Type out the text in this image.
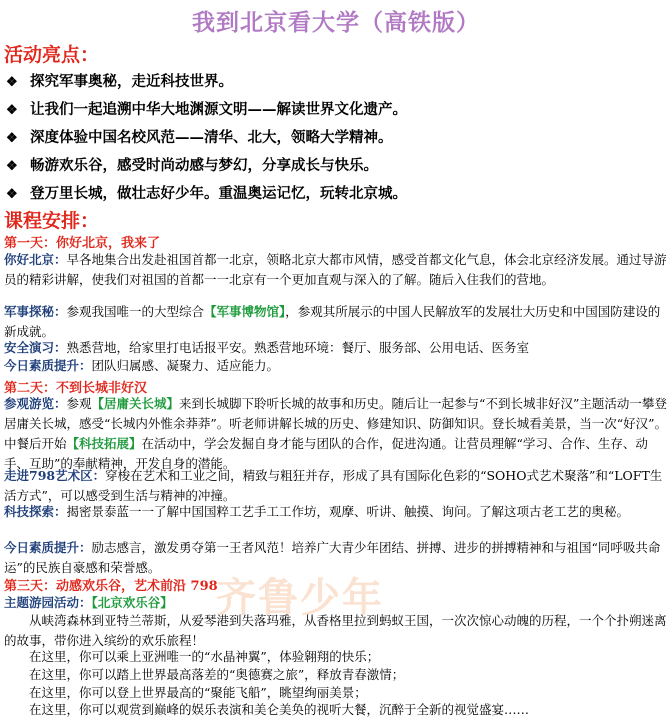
我到北京看大学（高铁版）
活动亮点：
❖ 探究军事奥秘，走近科技世界。
❖ 让我们一起追溯中华大地渊源文明——解读世界文化遗产。
❖ 深度体验中国名校风范——清华、北大，领略大学精神。
❖ 畅游欢乐谷，感受时尚动感与梦幻，分享成长与快乐。
❖ 登万里长城，做壮志好少年。重温奥运记忆，玩转北京城。
课程安排：
第一天：你好北京，我来了
你好北京：早各地集合出发赴祖国首都一北京，领略北京大都市风情，感受首都文化气息，体会北京经济发展。通过导游员的精彩讲解，使我们对祖国的首都一一北京有一个更加直观与深入的了解。随后入住我们的营地。
军事探秘：参观我国唯一的大型综合【军事博物馆】，参观其所展示的中国人民解放军的发展壮大历史和中国国防建设的新成就。
安全演习：熟悉营地，给家里打电话报平安。熟悉营地环境：餐厅、服务部、公用电话、医务室
今日素质提升：团队归属感、凝聚力、适应能力。
第二天：不到长城非好汉
参观游览：参观【居庸关长城】来到长城脚下聆听长城的故事和历史。随后让一起参与“不到长城非好汉”主题活动一攀登居庸关长城，感受“长城内外惟余莽莽”。听老师讲解长城的历史、修建知识、防御知识。登长城看美景，当一次“好汉”。 中餐后开始【科技拓展】在活动中，学会发掘自身才能与团队的合作，促进沟通。让营员理解“学习、合作、生存、动手、互助”的奉献精神，开发自身的潜能。
走进798艺术区：穿梭在艺术和工业之间，精致与粗狂并存，形成了具有国际化色彩的“SOHO式艺术聚落”和“LOFT生活方式”，可以感受到生活与精神的冲撞。
科技探索：揭密景泰蓝一一了解中国国粹工艺手工工作坊，观摩、听讲、触摸、询问。了解这项古老工艺的奥秘。
今日素质提升：励志感言，激发勇夺第一王者风范！培养广大青少年团结、拼搏、进步的拼搏精神和与祖国“同呼吸共命运”的民族自豪感和荣誉感。
齐鲁少年
第三天：动感欢乐谷，艺术前沿 798
主题游园活动：【北京欢乐谷】
从峡湾森林到亚特兰蒂斯，从爱琴港到失落玛雅，从香格里拉到蚂蚁王国，一次次惊心动魄的历程，一个个扑朔迷离的故事，带你进入缤纷的欢乐旅程！
在这里，你可以乘上亚洲唯一的“水晶神翼”，体验翱翔的快乐；
在这里，你可以踏上世界最高落差的“奥德赛之旅”，释放青春激情；
在这里，你可以登上世界最高的“聚能飞船”，眺望绚丽美景；
在这里，你可以观赏到巅峰的娱乐表演和美仑美奂的视听大餐，沉醉于全新的视觉盛宴……
